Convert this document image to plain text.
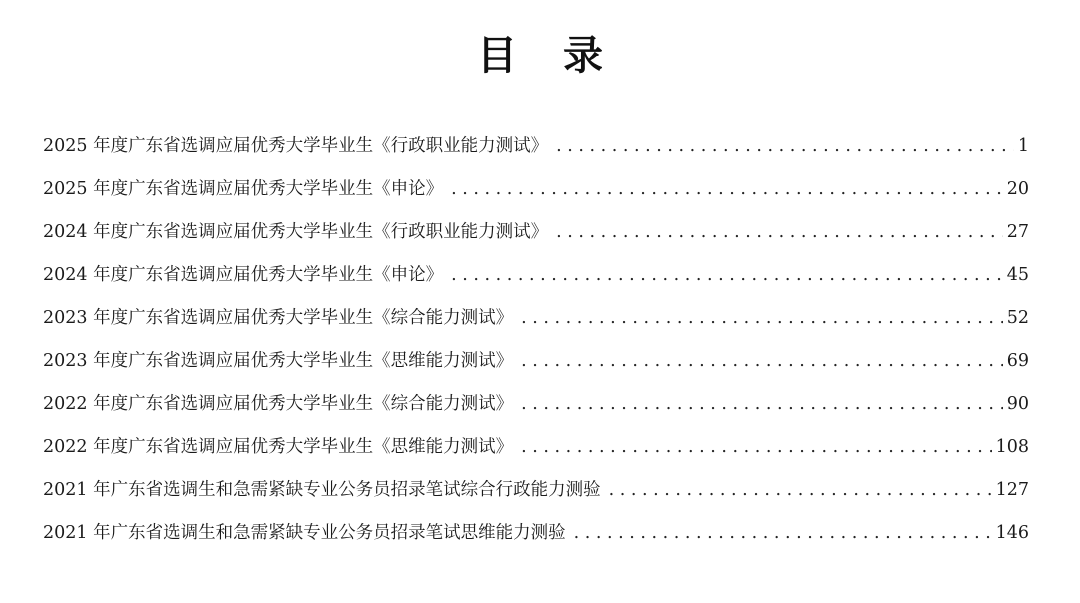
目 录
2025 年度广东省选调应届优秀大学毕业生《行政职业能力测试》 . . .	1
2025 年度广东省选调应届优秀大学毕业生《申论》 . . .	20
2024 年度广东省选调应届优秀大学毕业生《行政职业能力测试》 . . .	27
2024 年度广东省选调应届优秀大学毕业生《申论》 . . .	45
2023 年度广东省选调应届优秀大学毕业生《综合能力测试》 . . .	52
2023 年度广东省选调应届优秀大学毕业生《思维能力测试》 . . .	69
2022 年度广东省选调应届优秀大学毕业生《综合能力测试》 . . .	90
2022 年度广东省选调应届优秀大学毕业生《思维能力测试》 . . .	108
2021 年广东省选调生和急需紧缺专业公务员招录笔试综合行政能力测验 . . .	127
2021 年广东省选调生和急需紧缺专业公务员招录笔试思维能力测验 . . .	146
